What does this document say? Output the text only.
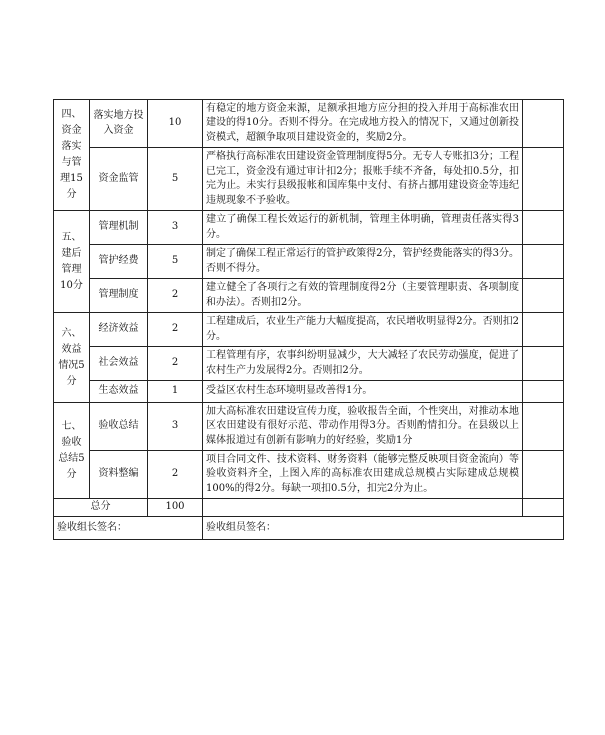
四、资金落实与管理15分	落实地方投入资金	10	有稳定的地方资金来源，足额承担地方应分担的投入并用于高标准农田建设的得10分。否则不得分。在完成地方投入的情况下，又通过创新投资模式，超额争取项目建设资金的，奖励2分。	
	资金监管	5	严格执行高标准农田建设资金管理制度得5分。无专人专账扣3分；工程已完工，资金没有通过审计扣2分；报账手续不齐备，每处扣0.5分，扣完为止。未实行县级报帐和国库集中支付、有挤占挪用建设资金等违纪违规现象不予验收。	
五、建后管理10分	管理机制	3	建立了确保工程长效运行的新机制，管理主体明确，管理责任落实得3分。	
	管护经费	5	制定了确保工程正常运行的管护政策得2分，管护经费能落实的得3分。否则不得分。	
	管理制度	2	建立健全了各项行之有效的管理制度得2分（主要管理职责、各项制度和办法）。否则扣2分。	
六、效益情况5分	经济效益	2	工程建成后，农业生产能力大幅度提高，农民增收明显得2分。否则扣2分。	
	社会效益	2	工程管理有序，农事纠纷明显减少，大大减轻了农民劳动强度，促进了农村生产力发展得2分。否则扣2分。	
	生态效益	1	受益区农村生态环境明显改善得1分。	
七、验收总结5分	验收总结	3	加大高标准农田建设宣传力度，验收报告全面，个性突出，对推动本地区农田建设有很好示范、带动作用得3分。否则酌情扣分。在县级以上媒体报道过有创新有影响力的好经验，奖励1分	
	资料整编	2	项目合同文件、技术资料、财务资料（能够完整反映项目资金流向）等验收资料齐全，上图入库的高标准农田建成总规模占实际建成总规模100%的得2分。每缺一项扣0.5分，扣完2分为止。	
总分		100		
验收组长签名：			验收组员签名：	
